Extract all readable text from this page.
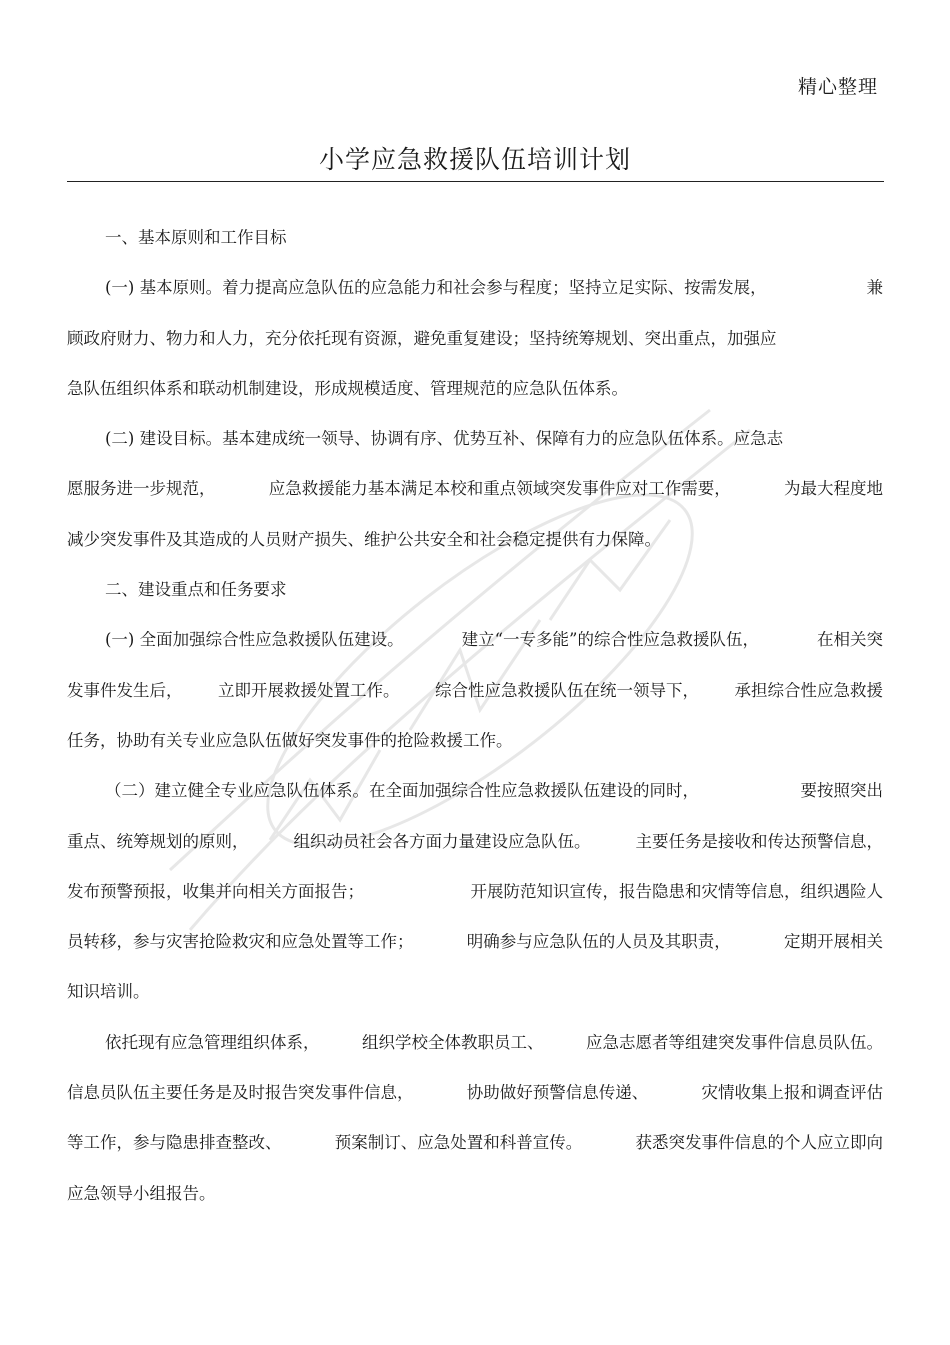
精心整理
小学应急救援队伍培训计划
一、基本原则和工作目标
(一) 基本原则。着力提高应急队伍的应急能力和社会参与程度；坚持立足实际、按需发展，	兼
顾政府财力、物力和人力，充分依托现有资源，避免重复建设；坚持统筹规划、突出重点，加强应
急队伍组织体系和联动机制建设，形成规模适度、管理规范的应急队伍体系。
(二) 建设目标。基本建成统一领导、协调有序、优势互补、保障有力的应急队伍体系。应急志
愿服务进一步规范，	应急救援能力基本满足本校和重点领域突发事件应对工作需要，	为最大程度地
减少突发事件及其造成的人员财产损失、维护公共安全和社会稳定提供有力保障。
二、建设重点和任务要求
(一) 全面加强综合性应急救援队伍建设。	建立“一专多能”的综合性应急救援队伍，	在相关突
发事件发生后， 立即开展救援处置工作。 综合性应急救援队伍在统一领导下， 承担综合性应急救援
任务，协助有关专业应急队伍做好突发事件的抢险救援工作。
（二）建立健全专业应急队伍体系。在全面加强综合性应急救援队伍建设的同时，	要按照突出
重点、统筹规划的原则，	组织动员社会各方面力量建设应急队伍。	主要任务是接收和传达预警信息，
发布预警预报，收集并向相关方面报告；	开展防范知识宣传，报告隐患和灾情等信息，组织遇险人
员转移，参与灾害抢险救灾和应急处置等工作；	明确参与应急队伍的人员及其职责，	定期开展相关
知识培训。
依托现有应急管理组织体系，	组织学校全体教职员工、	应急志愿者等组建突发事件信息员队伍。
信息员队伍主要任务是及时报告突发事件信息，	协助做好预警信息传递、	灾情收集上报和调查评估
等工作，参与隐患排查整改、	预案制订、应急处置和科普宣传。	获悉突发事件信息的个人应立即向
应急领导小组报告。
